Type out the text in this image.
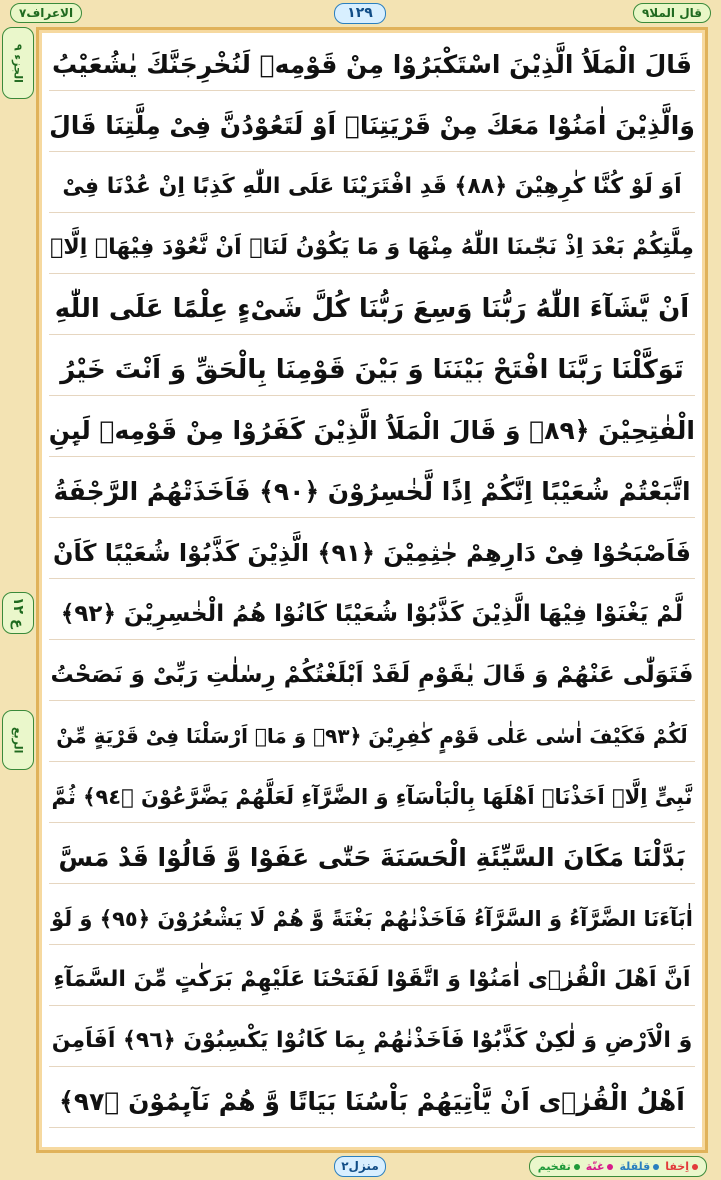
الاعراف٧	١٢٩	قال الملا٩
الجزء ٩
ع ١٢
الربع
قَالَ الْمَلَاُ الَّذِیْنَ اسْتَكْبَرُوْا مِنْ قَوْمِهٖ لَنُخْرِجَنَّكَ یٰشُعَیْبُ
وَالَّذِیْنَ اٰمَنُوْا مَعَكَ مِنْ قَرْیَتِنَاۤ اَوْ لَتَعُوْدُنَّ فِیْ مِلَّتِنَا قَالَ
اَوَ لَوْ كُنَّا كٰرِهِیْنَ ﴿٨٨﴾ قَدِ افْتَرَیْنَا عَلَى اللّٰهِ كَذِبًا اِنْ عُدْنَا فِیْ
مِلَّتِكُمْ بَعْدَ اِذْ نَجّٰىنَا اللّٰهُ مِنْهَا وَ مَا یَكُوْنُ لَنَاۤ اَنْ نَّعُوْدَ فِیْهَاۤ اِلَّاۤ
اَنْ یَّشَآءَ اللّٰهُ رَبُّنَا وَسِعَ رَبُّنَا كُلَّ شَیْءٍ عِلْمًا عَلَى اللّٰهِ
تَوَكَّلْنَا رَبَّنَا افْتَحْ بَیْنَنَا وَ بَیْنَ قَوْمِنَا بِالْحَقِّ وَ اَنْتَ خَیْرُ
الْفٰتِحِیْنَ ﴿٨٩﴾ وَ قَالَ الْمَلَاُ الَّذِیْنَ كَفَرُوْا مِنْ قَوْمِهٖ لَىِٕنِ
اتَّبَعْتُمْ شُعَیْبًا اِنَّكُمْ اِذًا لَّخٰسِرُوْنَ ﴿٩٠﴾ فَاَخَذَتْهُمُ الرَّجْفَةُ
فَاَصْبَحُوْا فِیْ دَارِهِمْ جٰثِمِیْنَ ﴿٩١﴾ الَّذِیْنَ كَذَّبُوْا شُعَیْبًا كَاَنْ
لَّمْ یَغْنَوْا فِیْهَا الَّذِیْنَ كَذَّبُوْا شُعَیْبًا كَانُوْا هُمُ الْخٰسِرِیْنَ ﴿٩٢﴾
فَتَوَلّٰى عَنْهُمْ وَ قَالَ یٰقَوْمِ لَقَدْ اَبْلَغْتُكُمْ رِسٰلٰتِ رَبِّیْ وَ نَصَحْتُ
لَكُمْ فَكَیْفَ اٰسٰى عَلٰى قَوْمٍ كٰفِرِیْنَ ﴿٩٣﴾ وَ مَاۤ اَرْسَلْنَا فِیْ قَرْیَةٍ مِّنْ
نَّبِیٍّ اِلَّاۤ اَخَذْنَاۤ اَهْلَهَا بِالْبَاْسَآءِ وَ الضَّرَّآءِ لَعَلَّهُمْ یَضَّرَّعُوْنَ ﴿٩٤﴾ ثُمَّ
بَدَّلْنَا مَكَانَ السَّیِّئَةِ الْحَسَنَةَ حَتّٰى عَفَوْا وَّ قَالُوْا قَدْ مَسَّ
اٰبَآءَنَا الضَّرَّآءُ وَ السَّرَّآءُ فَاَخَذْنٰهُمْ بَغْتَةً وَّ هُمْ لَا یَشْعُرُوْنَ ﴿٩٥﴾ وَ لَوْ
اَنَّ اَهْلَ الْقُرٰۤى اٰمَنُوْا وَ اتَّقَوْا لَفَتَحْنَا عَلَیْهِمْ بَرَكٰتٍ مِّنَ السَّمَآءِ
وَ الْاَرْضِ وَ لٰكِنْ كَذَّبُوْا فَاَخَذْنٰهُمْ بِمَا كَانُوْا یَكْسِبُوْنَ ﴿٩٦﴾ اَفَاَمِنَ
اَهْلُ الْقُرٰۤى اَنْ یَّاْتِیَهُمْ بَاْسُنَا بَیَاتًا وَّ هُمْ نَآىِٕمُوْنَ ﴿٩٧﴾
منزل٢	اِخفا
قلقلة
غنّة
تفخیم
